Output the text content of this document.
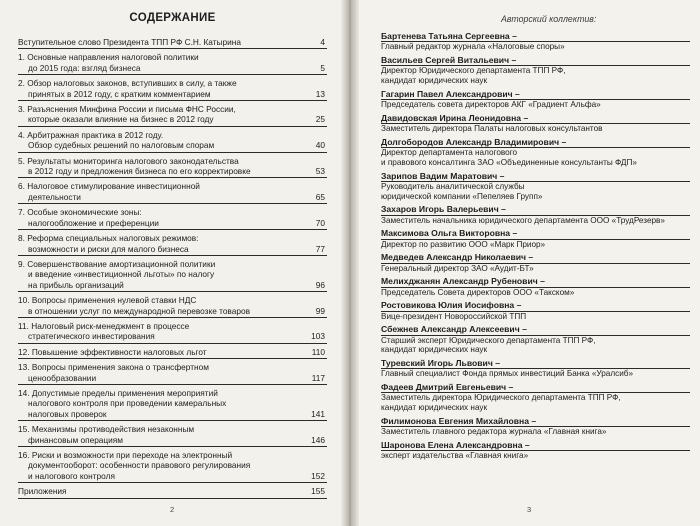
СОДЕРЖАНИЕ
Вступительное слово Президента ТПП РФ С.Н. Катырина	4
1. Основные направления налоговой политики
до 2015 года: взгляд бизнеса	5
2. Обзор налоговых законов, вступивших в силу, а также
принятых в 2012 году, с кратким комментарием	13
3. Разъяснения Минфина России и письма ФНС России,
которые оказали влияние на бизнес в 2012 году	25
4. Арбитражная практика в 2012 году.
Обзор судебных решений по налоговым спорам	40
5. Результаты мониторинга налогового законодательства
в 2012 году и предложения бизнеса по его корректировке	53
6. Налоговое стимулирование инвестиционной
деятельности	65
7. Особые экономические зоны:
налогообложение и преференции	70
8. Реформа специальных налоговых режимов:
возможности и риски для малого бизнеса	77
9. Совершенствование амортизационной политики
и введение «инвестиционной льготы» по налогу
на прибыль организаций	96
10. Вопросы применения нулевой ставки НДС
в отношении услуг по международной перевозке товаров	99
11. Налоговый риск-менеджмент в процессе
стратегического инвестирования	103
12. Повышение эффективности налоговых льгот	110
13. Вопросы применения закона о трансфертном
ценообразовании	117
14. Допустимые пределы применения мероприятий
налогового контроля при проведении камеральных
налоговых проверок	141
15. Механизмы противодействия незаконным
финансовым операциям	146
16. Риски и возможности при переходе на электронный
документооборот: особенности правового регулирования
и налогового контроля	152
Приложения	155
2
Авторский коллектив:
Бартенева Татьяна Сергеевна –
Главный редактор журнала «Налоговые споры»
Васильев Сергей Витальевич –
Директор Юридического департамента ТПП РФ,
кандидат юридических наук
Гагарин Павел Александрович –
Председатель совета директоров АКГ «Градиент Альфа»
Давидовская Ирина Леонидовна –
Заместитель директора Палаты налоговых консультантов
Долгобородов Александр Владимирович –
Директор департамента налогового
и правового консалтинга ЗАО «Объединенные консультанты ФДП»
Зарипов Вадим Маратович –
Руководитель аналитической службы
юридической компании «Пепеляев Групп»
Захаров Игорь Валерьевич –
Заместитель начальника юридического департамента ООО «ТрудРезерв»
Максимова Ольга Викторовна –
Директор по развитию ООО «Марк Приор»
Медведев Александр Николаевич –
Генеральный директор ЗАО «Аудит-БТ»
Мелихджанян Александр Рубенович –
Председатель Совета директоров ООО «Такском»
Ростовикова Юлия Иосифовна –
Вице-президент Новороссийской ТПП
Сбежнев Александр Алексеевич –
Старший эксперт Юридического департамента ТПП РФ,
кандидат юридических наук
Туревский Игорь Львович –
Главный специалист Фонда прямых инвестиций Банка «Уралсиб»
Фадеев Дмитрий Евгеньевич –
Заместитель директора Юридического департамента ТПП РФ,
кандидат юридических наук
Филимонова Евгения Михайловна –
Заместитель главного редактора журнала «Главная книга»
Шаронова Елена Александровна –
эксперт издательства «Главная книга»
3
